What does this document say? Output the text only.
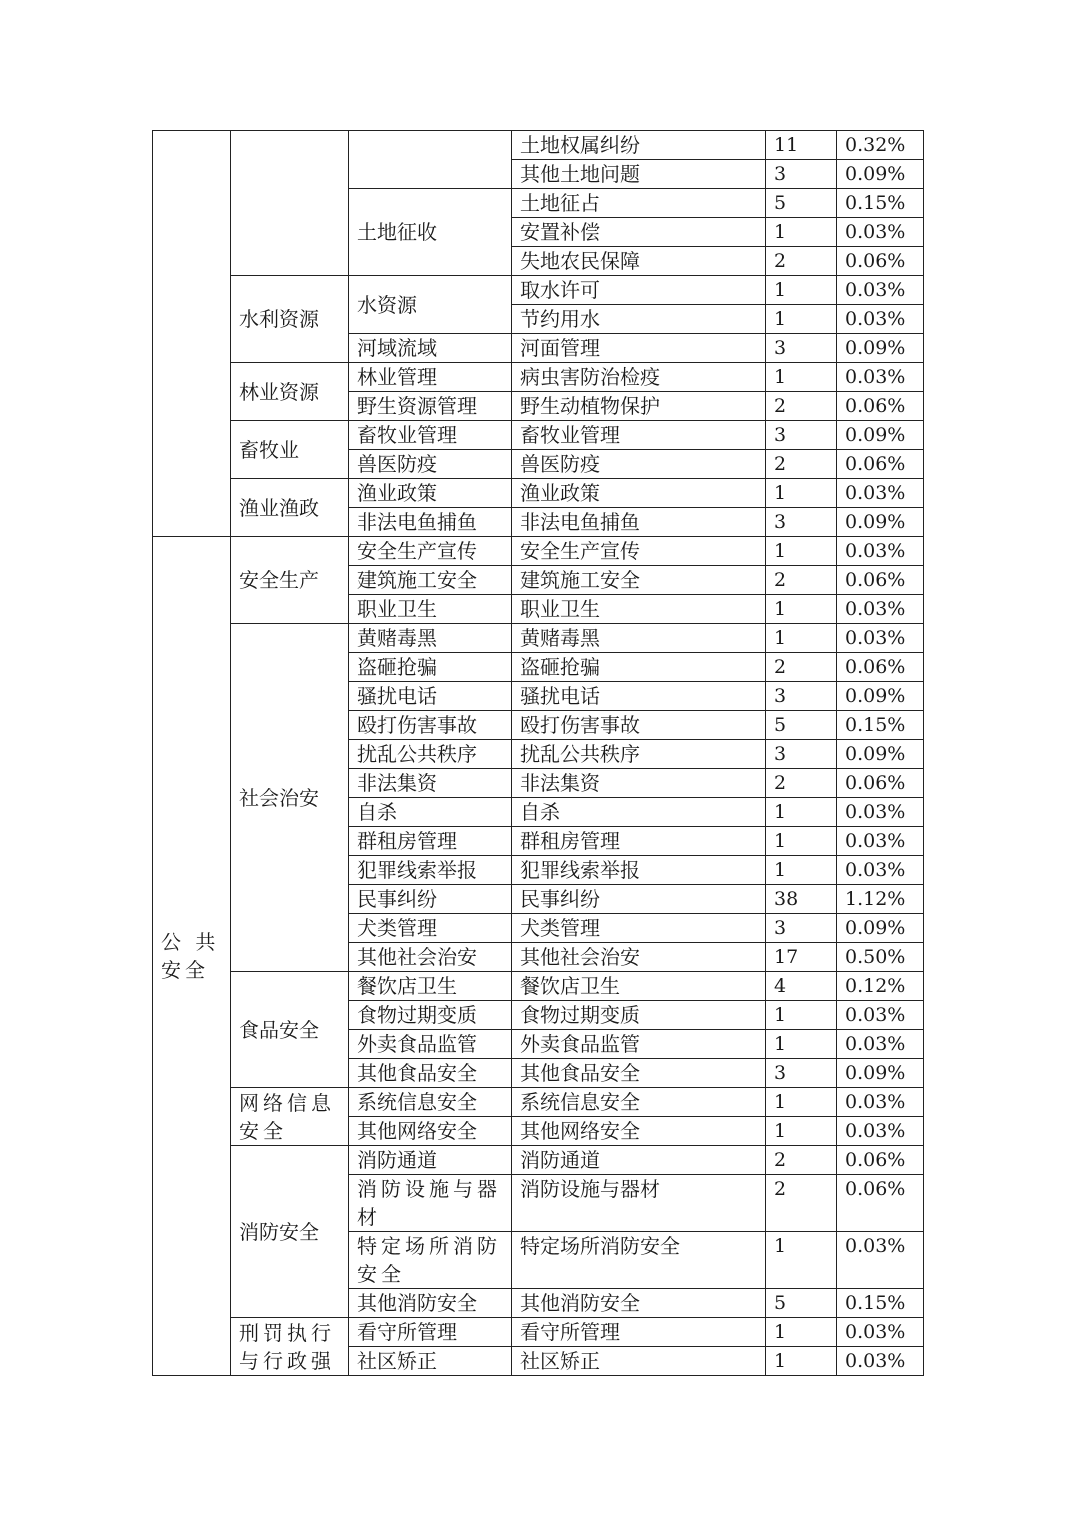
			土地权属纠纷	11	0.32%
			其他土地问题	3	0.09%
		土地征收	土地征占	5	0.15%
			安置补偿	1	0.03%
			失地农民保障	2	0.06%
	水利资源	水资源	取水许可	1	0.03%
			节约用水	1	0.03%
		河域流域	河面管理	3	0.09%
	林业资源	林业管理	病虫害防治检疫	1	0.03%
		野生资源管理	野生动植物保护	2	0.06%
	畜牧业	畜牧业管理	畜牧业管理	3	0.09%
		兽医防疫	兽医防疫	2	0.06%
	渔业渔政	渔业政策	渔业政策	1	0.03%
		非法电鱼捕鱼	非法电鱼捕鱼	3	0.09%
公 共安全	安全生产	安全生产宣传	安全生产宣传	1	0.03%
		建筑施工安全	建筑施工安全	2	0.06%
		职业卫生	职业卫生	1	0.03%
	社会治安	黄赌毒黑	黄赌毒黑	1	0.03%
		盗砸抢骗	盗砸抢骗	2	0.06%
		骚扰电话	骚扰电话	3	0.09%
		殴打伤害事故	殴打伤害事故	5	0.15%
		扰乱公共秩序	扰乱公共秩序	3	0.09%
		非法集资	非法集资	2	0.06%
		自杀	自杀	1	0.03%
		群租房管理	群租房管理	1	0.03%
		犯罪线索举报	犯罪线索举报	1	0.03%
		民事纠纷	民事纠纷	38	1.12%
		犬类管理	犬类管理	3	0.09%
		其他社会治安	其他社会治安	17	0.50%
	食品安全	餐饮店卫生	餐饮店卫生	4	0.12%
		食物过期变质	食物过期变质	1	0.03%
		外卖食品监管	外卖食品监管	1	0.03%
		其他食品安全	其他食品安全	3	0.09%
	网络信息安全	系统信息安全	系统信息安全	1	0.03%
		其他网络安全	其他网络安全	1	0.03%
	消防安全	消防通道	消防通道	2	0.06%
		消防设施与器材	消防设施与器材	2	0.06%
		特定场所消防安全	特定场所消防安全	1	0.03%
		其他消防安全	其他消防安全	5	0.15%
	刑罚执行与行政强	看守所管理	看守所管理	1	0.03%
		社区矫正	社区矫正	1	0.03%
